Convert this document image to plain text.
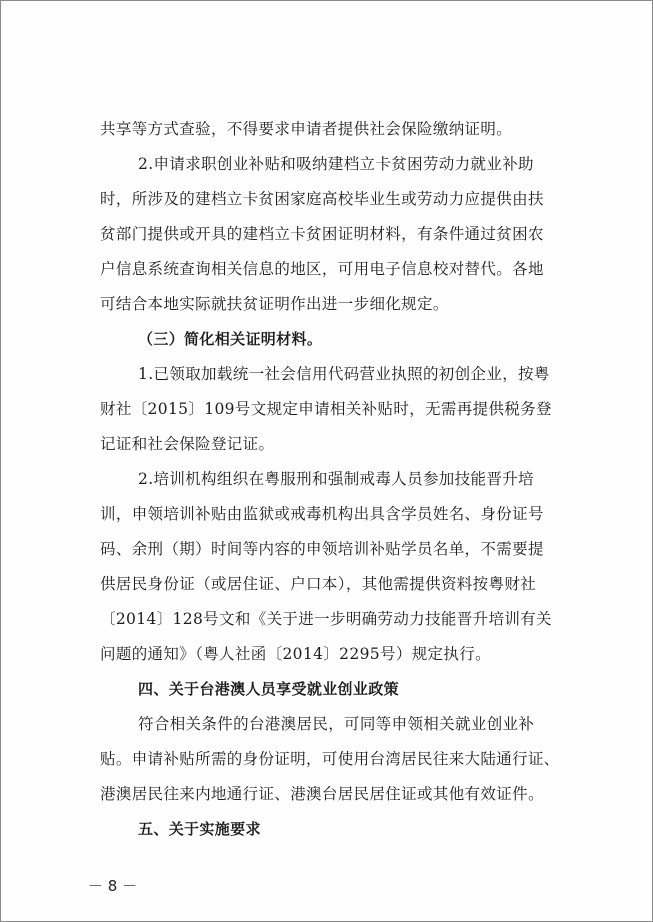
共享等方式查验，不得要求申请者提供社会保险缴纳证明。
2.申请求职创业补贴和吸纳建档立卡贫困劳动力就业补助
时，所涉及的建档立卡贫困家庭高校毕业生或劳动力应提供由扶
贫部门提供或开具的建档立卡贫困证明材料，有条件通过贫困农
户信息系统查询相关信息的地区，可用电子信息校对替代。各地
可结合本地实际就扶贫证明作出进一步细化规定。
（三）简化相关证明材料。
1.已领取加载统一社会信用代码营业执照的初创企业，按粤
财社〔2015〕109号文规定申请相关补贴时，无需再提供税务登
记证和社会保险登记证。
2.培训机构组织在粤服刑和强制戒毒人员参加技能晋升培
训，申领培训补贴由监狱或戒毒机构出具含学员姓名、身份证号
码、余刑（期）时间等内容的申领培训补贴学员名单，不需要提
供居民身份证（或居住证、户口本），其他需提供资料按粤财社
〔2014〕128号文和《关于进一步明确劳动力技能晋升培训有关
问题的通知》（粤人社函〔2014〕2295号）规定执行。
四、关于台港澳人员享受就业创业政策
符合相关条件的台港澳居民，可同等申领相关就业创业补
贴。申请补贴所需的身份证明，可使用台湾居民往来大陆通行证、
港澳居民往来内地通行证、港澳台居民居住证或其他有效证件。
五、关于实施要求
－ 8 －
